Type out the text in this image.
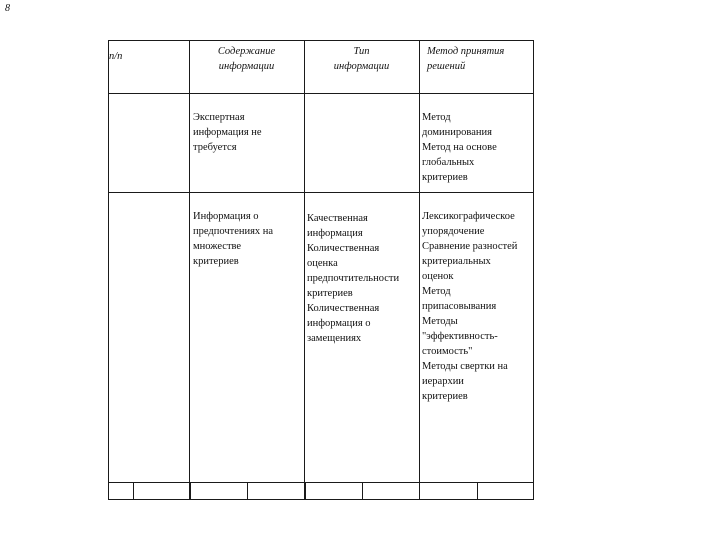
8
п/п	Содержание
информации
Тип
информации
Метод принятия
решений

Экспертная
информация не
требуется

Метод
доминирования
Метод на основе
глобальных
критериев

Информация о
предпочтениях на
множестве
критериев

Качественная
информация
Количественная
оценка
предпочтительности
критериев
Количественная
информация о
замещениях

Лексикографическое
упорядочение
Сравнение разностей
критериальных
оценок
Метод
припасовывания
Методы
"эффективность-
стоимость"
Методы свертки на
иерархии
критериев
